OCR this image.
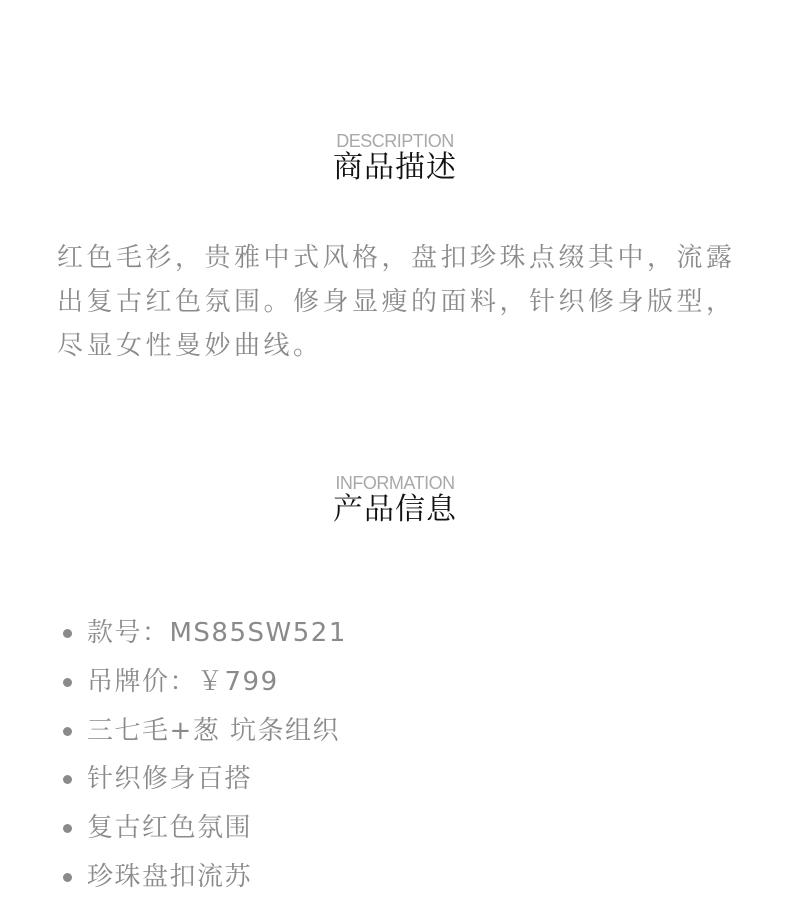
DESCRIPTION
商品描述
红色毛衫，贵雅中式风格，盘扣珍珠点缀其中，流露出复古红色氛围。修身显瘦的面料，针织修身版型，尽显女性曼妙曲线。
INFORMATION
产品信息
款号：MS85SW521
吊牌价：￥799
三七毛+葱 坑条组织
针织修身百搭
复古红色氛围
珍珠盘扣流苏
